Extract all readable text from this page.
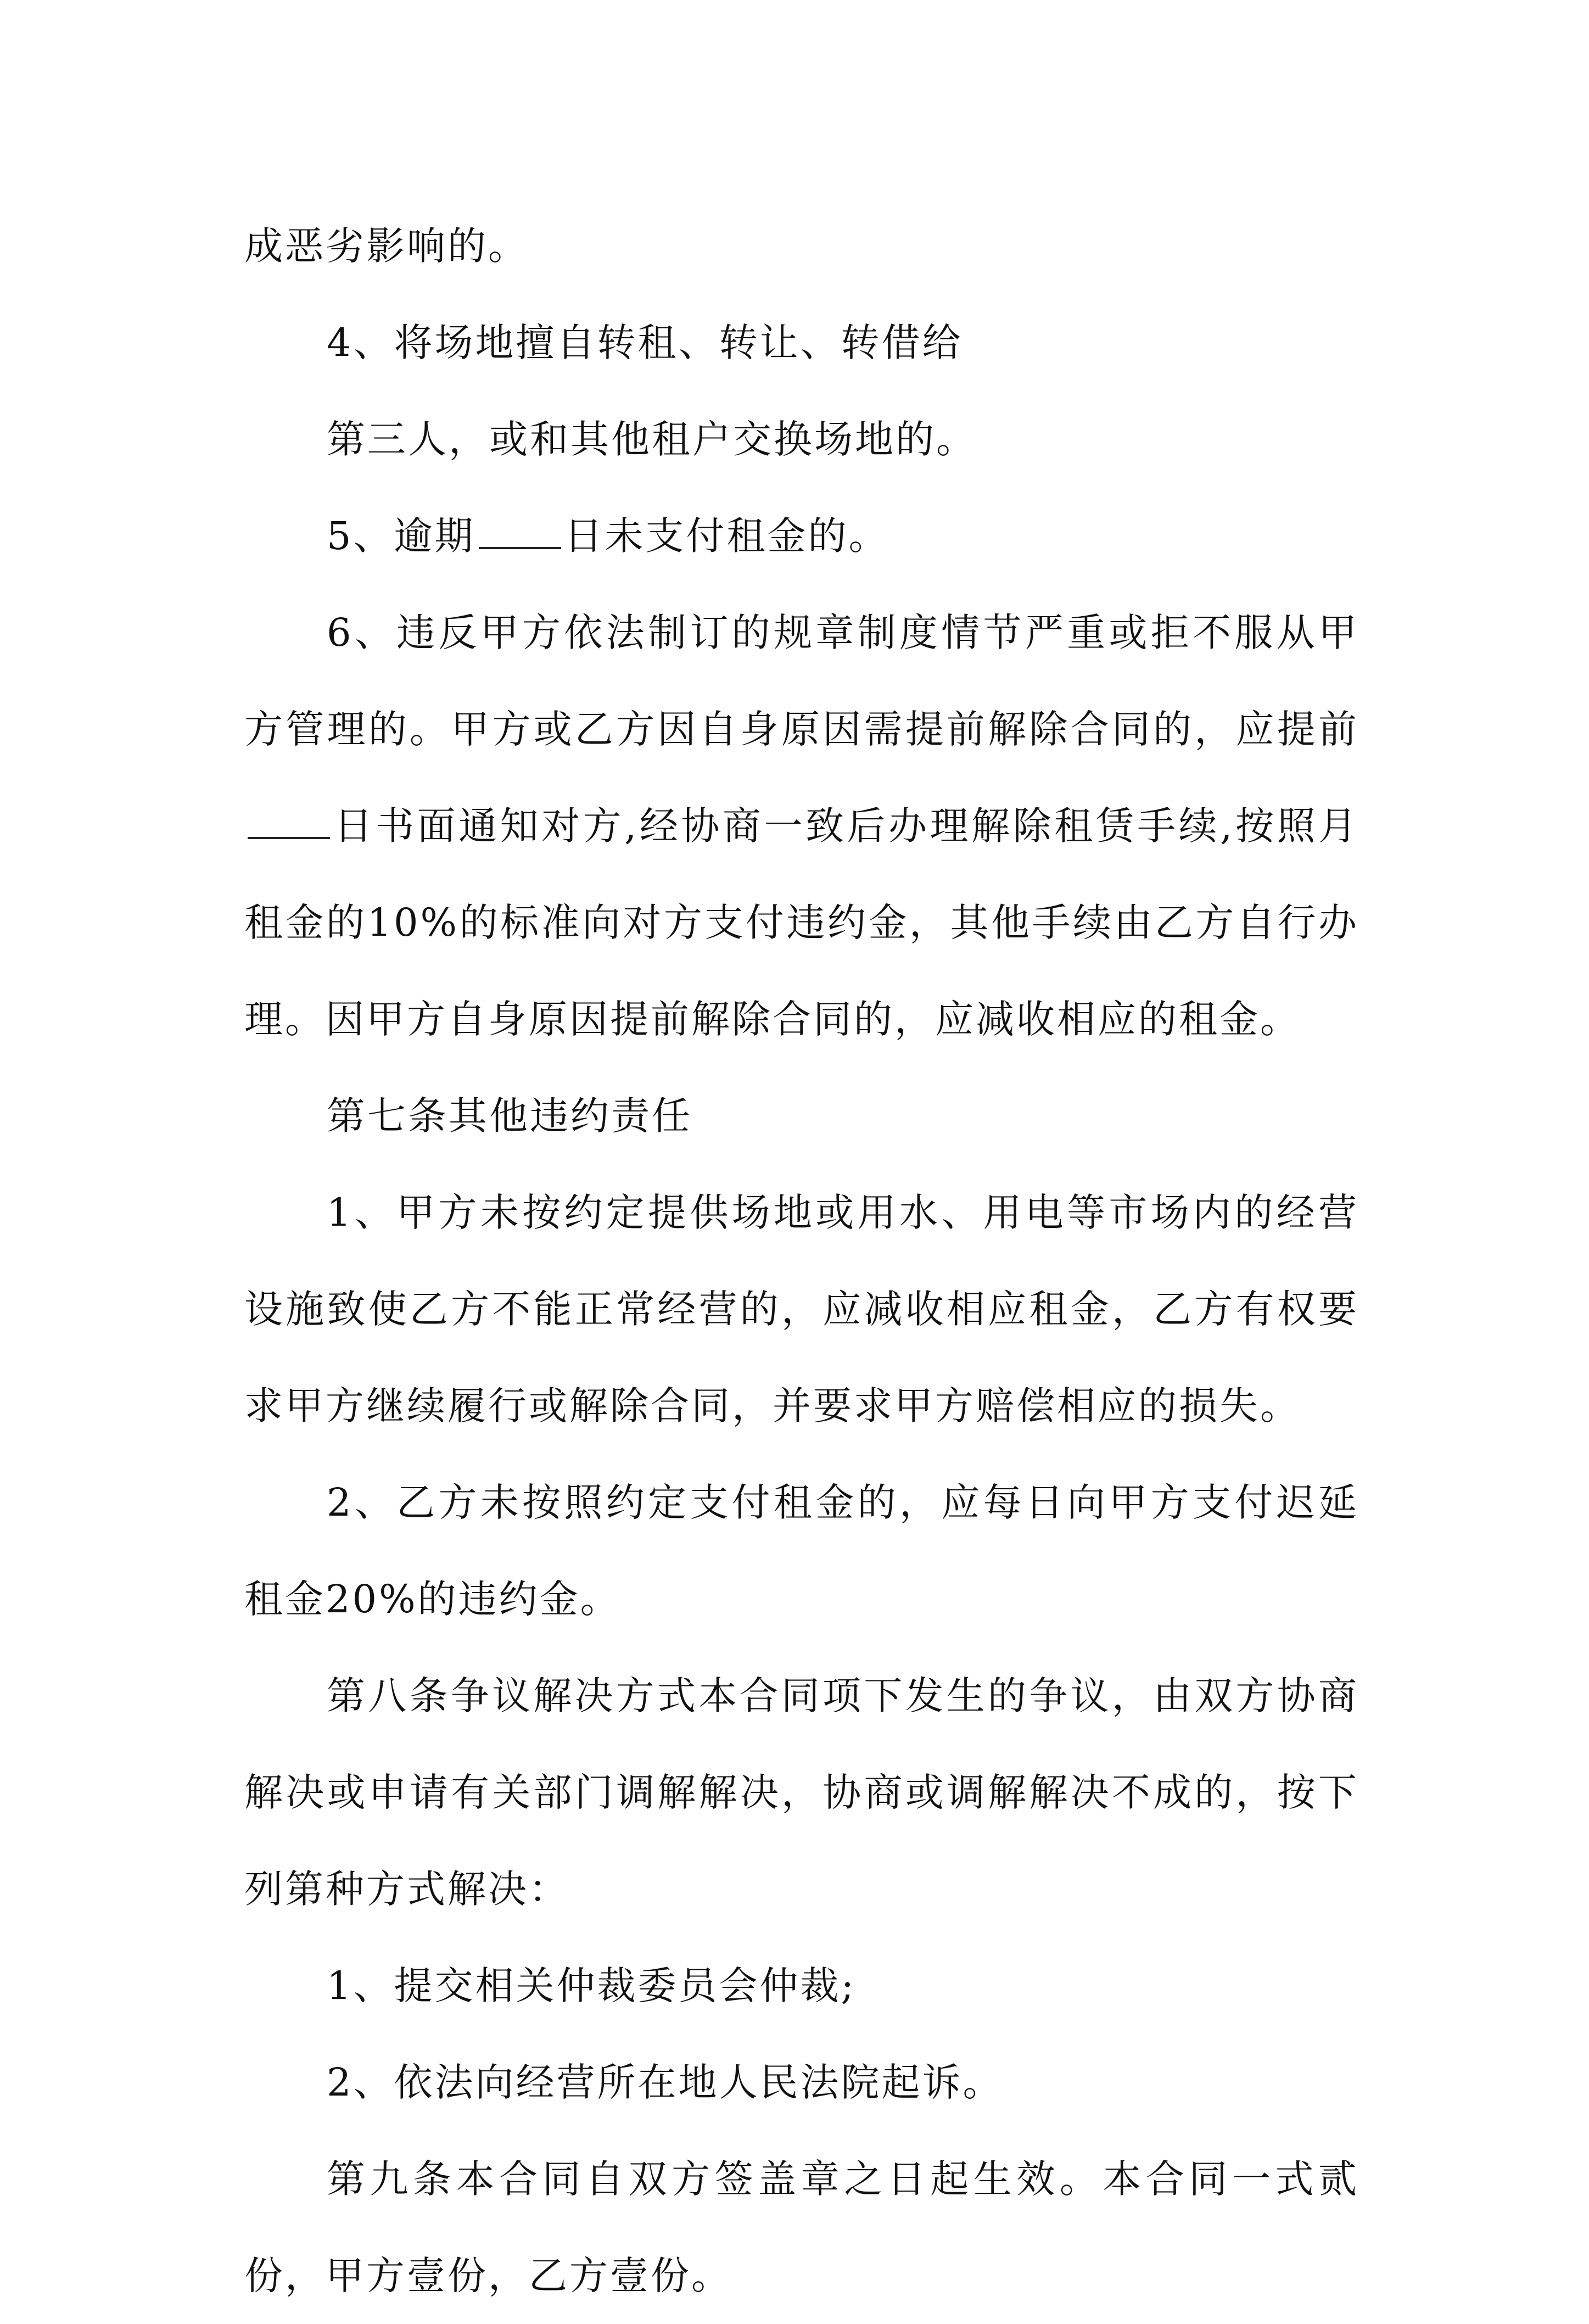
成恶劣影响的。

4、将场地擅自转租、转让、转借给

第三人，或和其他租户交换场地的。

5、逾期 日未支付租金的。

6、违反甲方依法制订的规章制度情节严重或拒不服从甲方管理的。甲方或乙方因自身原因需提前解除合同的，应提前日书面通知对方,经协商一致后办理解除租赁手续,按照月租金的10%的标准向对方支付违约金，其他手续由乙方自行办理。因甲方自身原因提前解除合同的，应减收相应的租金。

第七条其他违约责任

1、甲方未按约定提供场地或用水、用电等市场内的经营设施致使乙方不能正常经营的，应减收相应租金，乙方有权要求甲方继续履行或解除合同，并要求甲方赔偿相应的损失。

2、乙方未按照约定支付租金的，应每日向甲方支付迟延租金20%的违约金。

第八条争议解决方式本合同项下发生的争议，由双方协商解决或申请有关部门调解解决，协商或调解解决不成的，按下列第种方式解决：

1、提交相关仲裁委员会仲裁;

2、依法向经营所在地人民法院起诉。

第九条本合同自双方签盖章之日起生效。本合同一式贰份，甲方壹份，乙方壹份。
